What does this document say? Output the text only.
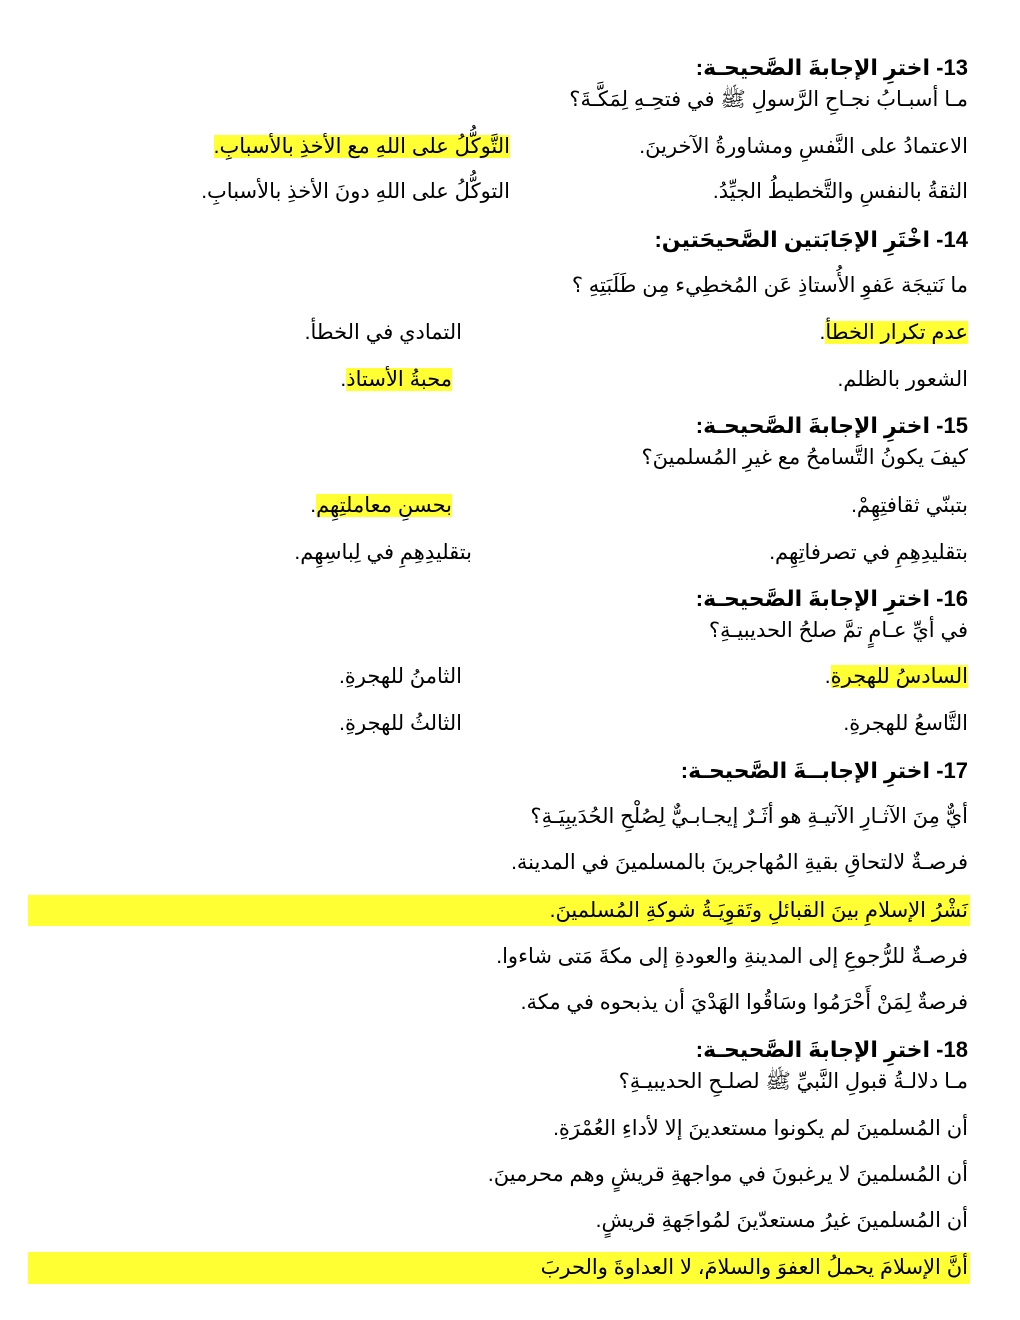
13- اخترِ الإجابةَ الصَّحيحـة:
مـا أسبـابُ نجـاحِ الرَّسولِ ﷺ في فتحِـهِ لِمَكَّـةَ؟
الاعتمادُ على النَّفسِ ومشاورةُ الآخرينَ.
التَّوكُّلُ على اللهِ مع الأخذِ بالأسبابِ.
الثقةُ بالنفسِ والتَّخطيطُ الجيِّدُ.
التوكُّلُ على اللهِ دونَ الأخذِ بالأسبابِ.
14- اخْتَرِ الإجَابَتين الصَّحيحَتين:
ما نَتيجَة عَفوِ الأُستاذِ عَن المُخطِيء مِن طَلَبَتِهِ ؟
عدم تكرار الخطأ.
التمادي في الخطأ.
الشعور بالظلم.
محبةُ الأستاذ.
15- اخترِ الإجابةَ الصَّحيحـة:
كيفَ يكونُ التَّسامحُ مع غيرِ المُسلمينَ؟
بتبنّي ثقافتِهِمْ.
بحسنِ معاملتِهِم.
بتقليدِهِمِ في تصرفاتِهِم.
بتقليدِهِمِ في لِباسِهِم.
16- اخترِ الإجابةَ الصَّحيحـة:
في أيِّ عـامٍ تمَّ صلحُ الحديبيـةِ؟
السادسُ للهجرةِ.
الثامنُ للهجرةِ.
التَّاسعُ للهجرةِ.
الثالثُ للهجرةِ.
17- اخترِ الإجابــةَ الصَّحيحـة:
أيٌّ مِنَ الآثـارِ الآتيـةِ هو أثَـرٌ إيجـابـيٌّ لِصُلْحِ الحُدَيبِيَـةِ؟
فرصـةٌ لالتحاقِ بقيةِ المُهاجرينَ بالمسلمينَ في المدينة.
نَشْرُ الإسلامِ بينَ القبائلِ وتَقوِيَـةُ شوكةِ المُسلمينَ.
فرصـةٌ للرُّجوعِ إلى المدينةِ والعودةِ إلى مكةَ مَتى شاءوا.
فرصةٌ لِمَنْ أَحْرَمُوا وسَاقُوا الهَدْيَ أن يذبحوه في مكة.
18- اخترِ الإجابةَ الصَّحيحـة:
مـا دلالـةُ قبولِ النَّبيِّ ﷺ لصلـحِ الحديبيـةِ؟
أن المُسلمينَ لم يكونوا مستعدينَ إلا لأداءِ العُمْرَةِ.
أن المُسلمينَ لا يرغبونَ في مواجهةِ قريشٍ وهم محرمينَ.
أن المُسلمينَ غيرُ مستعدّينَ لمُواجَهةِ قريشٍ.
أنَّ الإسلامَ يحملُ العفوَ والسلامَ، لا العداوةَ والحربَ
